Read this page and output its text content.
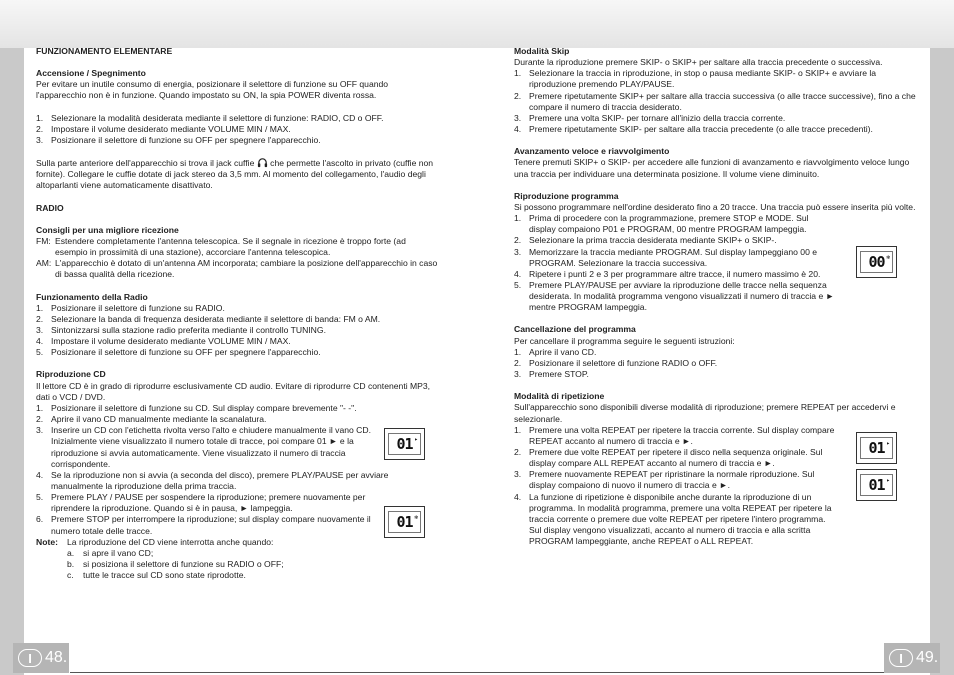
I 48.	I 49.

FUNZIONAMENTO ELEMENTARE

Accensione / Spegnimento

Per evitare un inutile consumo di energia, posizionare il selettore di funzione su OFF quando l'apparecchio non è in funzione. Quando impostato su ON, la spia POWER diventa rossa.

1. Selezionare la modalità desiderata mediante il selettore di funzione: RADIO, CD o OFF.
2. Impostare il volume desiderato mediante VOLUME MIN / MAX.
3. Posizionare il selettore di funzione su OFF per spegnere l'apparecchio.

Sulla parte anteriore dell'apparecchio si trova il jack cuffie che permette l'ascolto in privato (cuffie non fornite). Collegare le cuffie dotate di jack stereo da 3,5 mm. Al momento del collegamento, l'audio degli altoparlanti viene automaticamente disattivato.

RADIO

Consigli per una migliore ricezione

FM: Estendere completamente l'antenna telescopica. Se il segnale in ricezione è troppo forte (ad esempio in prossimità di una stazione), accorciare l'antenna telescopica.
AM: L'apparecchio è dotato di un'antenna AM incorporata; cambiare la posizione dell'apparecchio in caso di bassa qualità della ricezione.

Funzionamento della Radio

1. Posizionare il selettore di funzione su RADIO.
2. Selezionare la banda di frequenza desiderata mediante il selettore di banda: FM o AM.
3. Sintonizzarsi sulla stazione radio preferita mediante il controllo TUNING.
4. Impostare il volume desiderato mediante VOLUME MIN / MAX.
5. Posizionare il selettore di funzione su OFF per spegnere l'apparecchio.

Riproduzione CD

Il lettore CD è in grado di riprodurre esclusivamente CD audio. Evitare di riprodurre CD contenenti MP3, dati o VCD / DVD.

1. Posizionare il selettore di funzione su CD. Sul display compare brevemente "- -".
2. Aprire il vano CD manualmente mediante la scanalatura.
3. Inserire un CD con l'etichetta rivolta verso l'alto e chiudere manualmente il vano CD. Inizialmente viene visualizzato il numero totale di tracce, poi compare 01 ► e la riproduzione si avvia automaticamente. Viene visualizzato il numero di traccia corrispondente.
4. Se la riproduzione non si avvia (a seconda del disco), premere PLAY/PAUSE per avviare manualmente la riproduzione della prima traccia.
5. Premere PLAY / PAUSE per sospendere la riproduzione; premere nuovamente per riprendere la riproduzione. Quando si è in pausa, ► lampeggia.
6. Premere STOP per interrompere la riproduzione; sul display compare nuovamente il numero totale delle tracce.
Note:	La riproduzione del CD viene interrotta anche quando:
a.	si apre il vano CD;
b.	si posiziona il selettore di funzione su RADIO o OFF;
c.	tutte le tracce sul CD sono state riprodotte.
01 ▸
01 ✻

Modalità Skip

Durante la riproduzione premere SKIP- o SKIP+ per saltare alla traccia precedente o successiva.

1. Selezionare la traccia in riproduzione, in stop o pausa mediante SKIP- o SKIP+ e avviare la riproduzione premendo PLAY/PAUSE.
2. Premere ripetutamente SKIP+ per saltare alla traccia successiva (o alle tracce successive), fino a che compare il numero di traccia desiderato.
3. Premere una volta SKIP- per tornare all'inizio della traccia corrente.
4. Premere ripetutamente SKIP- per saltare alla traccia precedente (o alle tracce precedenti).

Avanzamento veloce e riavvolgimento

Tenere premuti SKIP+ o SKIP- per accedere alle funzioni di avanzamento e riavvolgimento veloce lungo una traccia per individuare una determinata posizione. Il volume viene diminuito.

Riproduzione programma

Si possono programmare nell'ordine desiderato fino a 20 tracce. Una traccia può essere inserita più volte.

1. Prima di procedere con la programmazione, premere STOP e MODE. Sul display compaiono P01 e PROGRAM, 00 mentre PROGRAM lampeggia.
2. Selezionare la prima traccia desiderata mediante SKIP+ o SKIP-.
3. Memorizzare la traccia mediante PROGRAM. Sul display lampeggiano 00 e PROGRAM. Selezionare la traccia successiva.
4. Ripetere i punti 2 e 3 per programmare altre tracce, il numero massimo è 20.
5. Premere PLAY/PAUSE per avviare la riproduzione delle tracce nella sequenza desiderata. In modalità programma vengono visualizzati il numero di traccia e ► mentre PROGRAM lampeggia.

Cancellazione del programma

Per cancellare il programma seguire le seguenti istruzioni:

1. Aprire il vano CD.
2. Posizionare il selettore di funzione RADIO o OFF.
3. Premere STOP.

Modalità di ripetizione

Sull'apparecchio sono disponibili diverse modalità di riproduzione; premere REPEAT per accedervi e selezionarle.

1. Premere una volta REPEAT per ripetere la traccia corrente. Sul display compare REPEAT accanto al numero di traccia e ►.
2. Premere due volte REPEAT per ripetere il disco nella sequenza originale. Sul display compare ALL REPEAT accanto al numero di traccia e ►.
3. Premere nuovamente REPEAT per ripristinare la normale riproduzione. Sul display compaiono di nuovo il numero di traccia e ►.
4. La funzione di ripetizione è disponibile anche durante la riproduzione di un programma. In modalità programma, premere una volta REPEAT per ripetere la traccia corrente o premere due volte REPEAT per ripetere l'intero programma. Sul display vengono visualizzati, accanto al numero di traccia e alla scritta PROGRAM lampeggiante, anche REPEAT o ALL REPEAT.
00 ✻
01 ▸
01 ▸
